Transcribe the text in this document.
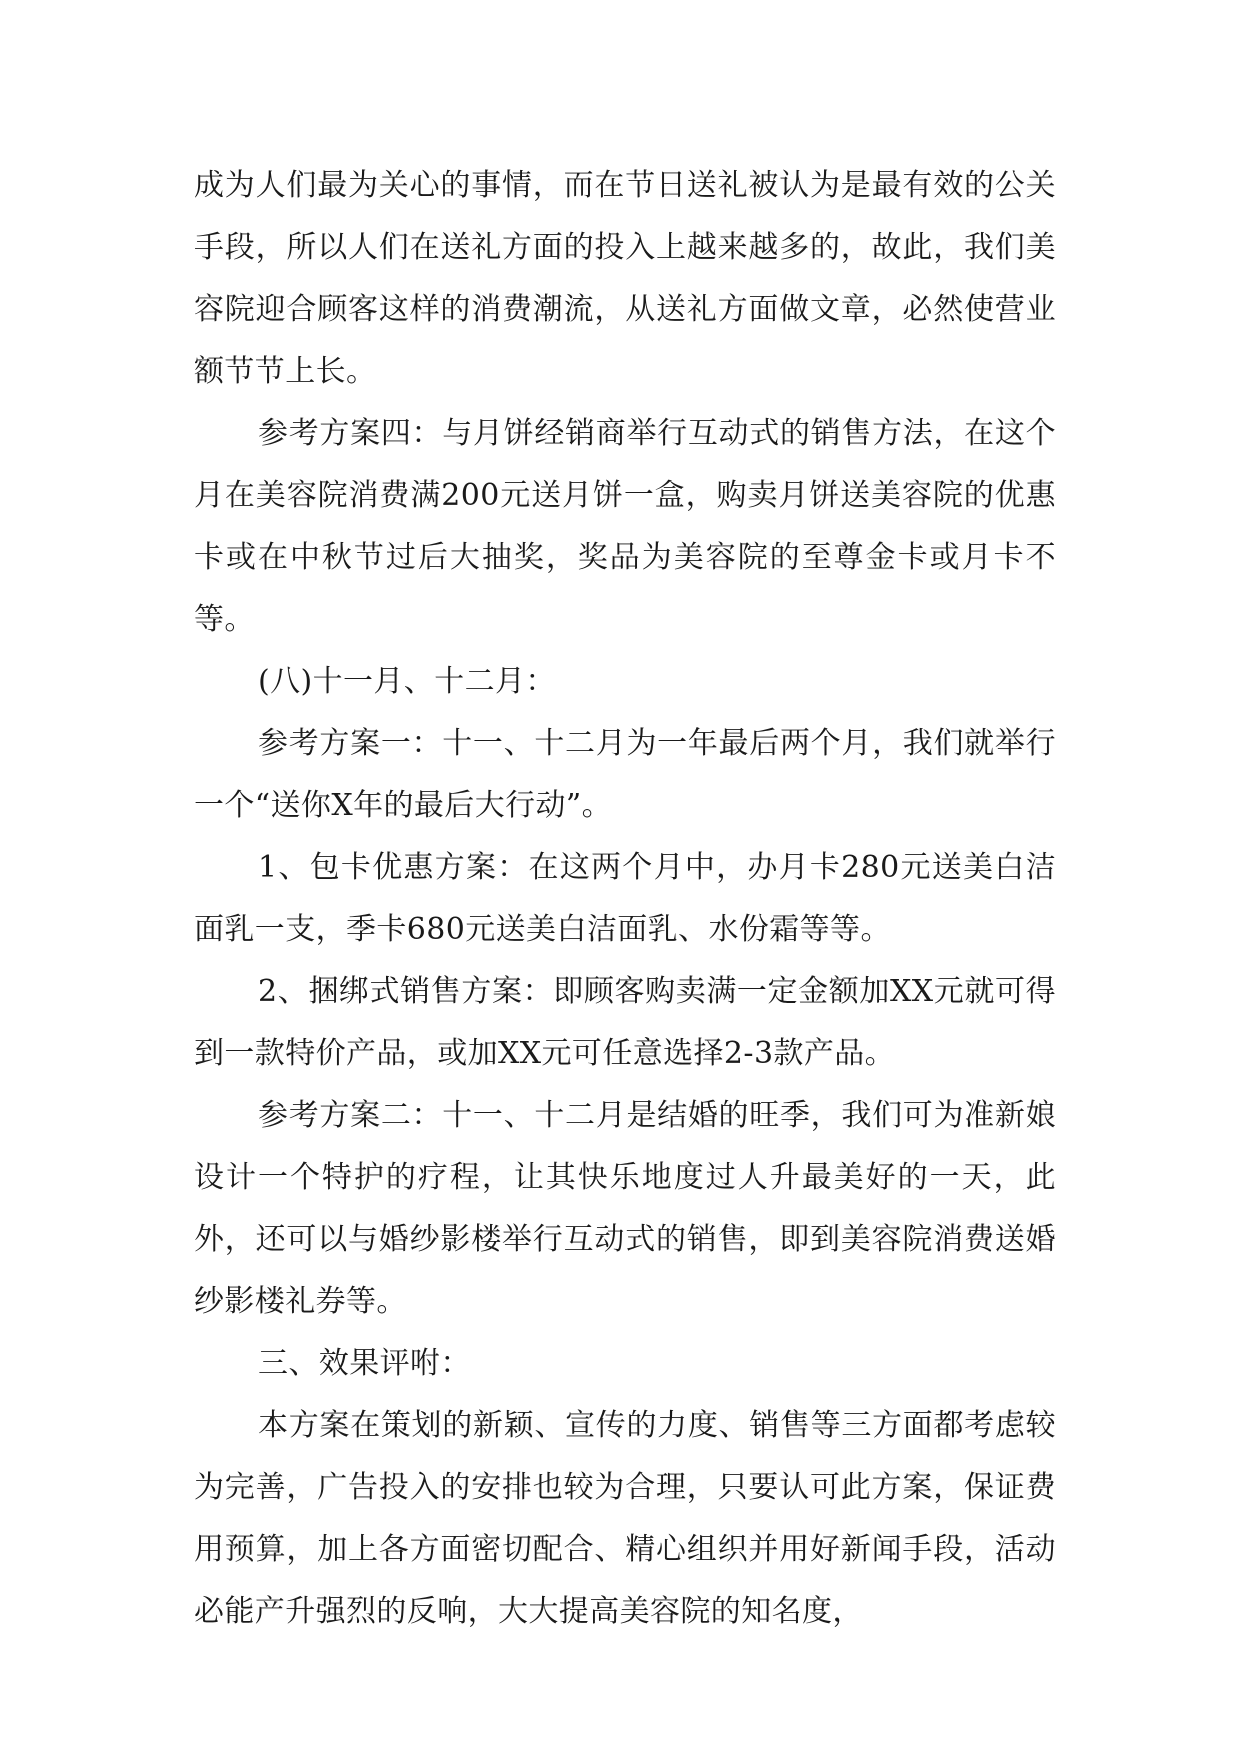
成为人们最为关心的事情，而在节日送礼被认为是最有效的公关手段，所以人们在送礼方面的投入上越来越多的，故此，我们美容院迎合顾客这样的消费潮流，从送礼方面做文章，必然使营业额节节上长。

参考方案四：与月饼经销商举行互动式的销售方法，在这个月在美容院消费满200元送月饼一盒，购卖月饼送美容院的优惠卡或在中秋节过后大抽奖，奖品为美容院的至尊金卡或月卡不等。

(八)十一月、十二月：

参考方案一：十一、十二月为一年最后两个月，我们就举行一个“送你X年的最后大行动”。

1、包卡优惠方案：在这两个月中，办月卡280元送美白洁面乳一支，季卡680元送美白洁面乳、水份霜等等。

2、捆绑式销售方案：即顾客购卖满一定金额加XX元就可得到一款特价产品，或加XX元可任意选择2-3款产品。

参考方案二：十一、十二月是结婚的旺季，我们可为准新娘设计一个特护的疗程，让其快乐地度过人升最美好的一天，此外，还可以与婚纱影楼举行互动式的销售，即到美容院消费送婚纱影楼礼券等。

三、效果评咐：

本方案在策划的新颖、宣传的力度、销售等三方面都考虑较为完善，广告投入的安排也较为合理，只要认可此方案，保证费用预算，加上各方面密切配合、精心组织并用好新闻手段，活动必能产升强烈的反响，大大提高美容院的知名度，
